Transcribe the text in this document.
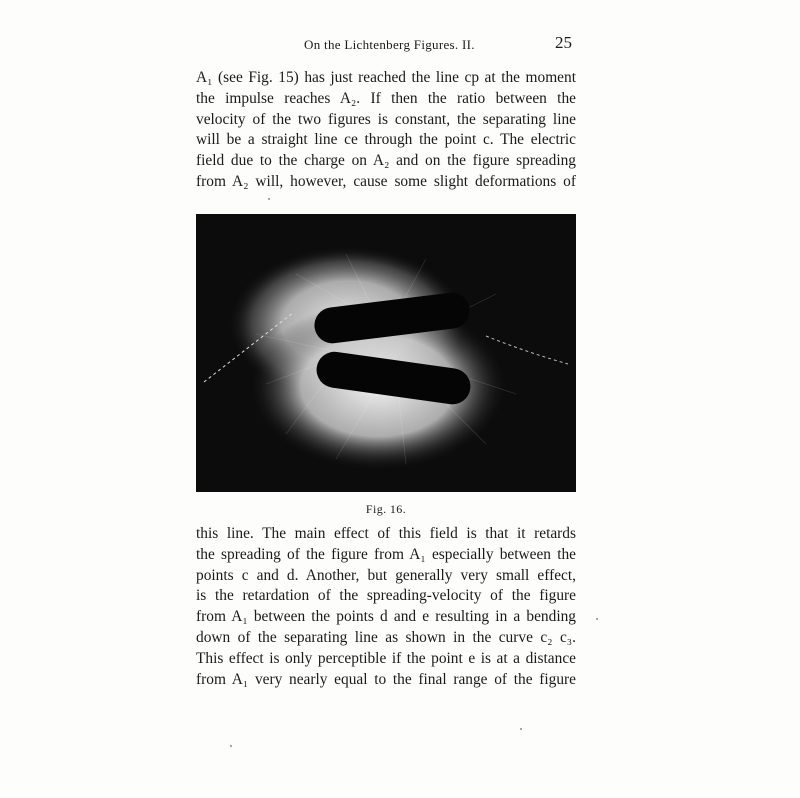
On the Lichtenberg Figures. II.	25
A₁ (see Fig. 15) has just reached the line cp at the moment
the impulse reaches A₂. If then the ratio between the
velocity of the two figures is constant, the separating line
will be a straight line ce through the point c. The electric
field due to the charge on A₂ and on the figure spreading
from A₂ will, however, cause some slight deformations of
Fig. 16.
this line. The main effect of this field is that it retards
the spreading of the figure from A₁ especially between the
points c and d. Another, but generally very small effect,
is the retardation of the spreading-velocity of the figure
from A₁ between the points d and e resulting in a bending
down of the separating line as shown in the curve c₂ c₃.
This effect is only perceptible if the point e is at a distance
from A₁ very nearly equal to the final range of the figure
